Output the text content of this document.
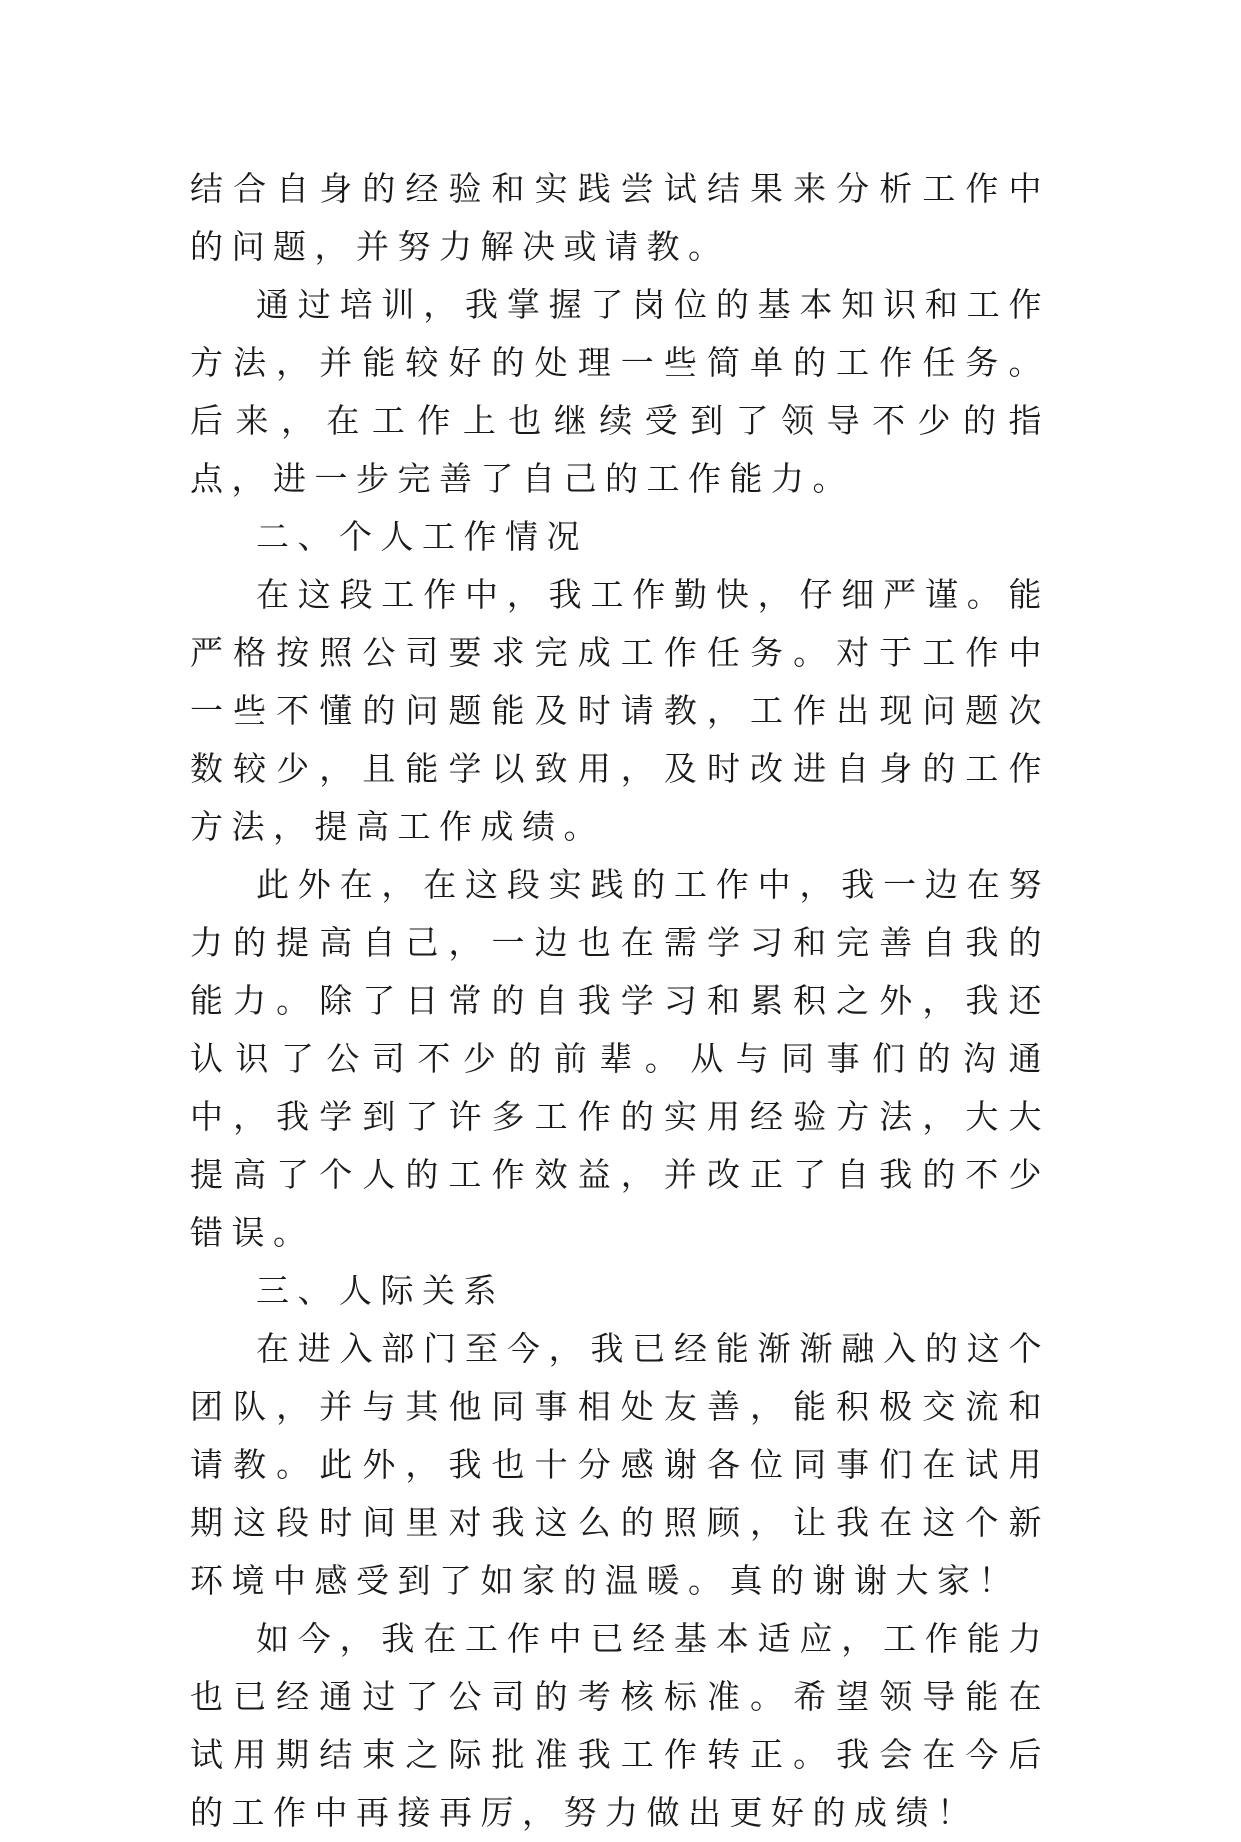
结合自身的经验和实践尝试结果来分析工作中的问题，并努力解决或请教。

通过培训，我掌握了岗位的基本知识和工作方法，并能较好的处理一些简单的工作任务。后来，在工作上也继续受到了领导不少的指点，进一步完善了自己的工作能力。

二、个人工作情况

在这段工作中，我工作勤快，仔细严谨。能严格按照公司要求完成工作任务。对于工作中一些不懂的问题能及时请教，工作出现问题次数较少，且能学以致用，及时改进自身的工作方法，提高工作成绩。

此外在，在这段实践的工作中，我一边在努力的提高自己，一边也在需学习和完善自我的能力。除了日常的自我学习和累积之外，我还认识了公司不少的前辈。从与同事们的沟通中，我学到了许多工作的实用经验方法，大大提高了个人的工作效益，并改正了自我的不少错误。

三、人际关系

在进入部门至今，我已经能渐渐融入的这个团队，并与其他同事相处友善，能积极交流和请教。此外，我也十分感谢各位同事们在试用期这段时间里对我这么的照顾，让我在这个新环境中感受到了如家的温暖。真的谢谢大家！

如今，我在工作中已经基本适应，工作能力也已经通过了公司的考核标准。希望领导能在试用期结束之际批准我工作转正。我会在今后的工作中再接再厉，努力做出更好的成绩！
